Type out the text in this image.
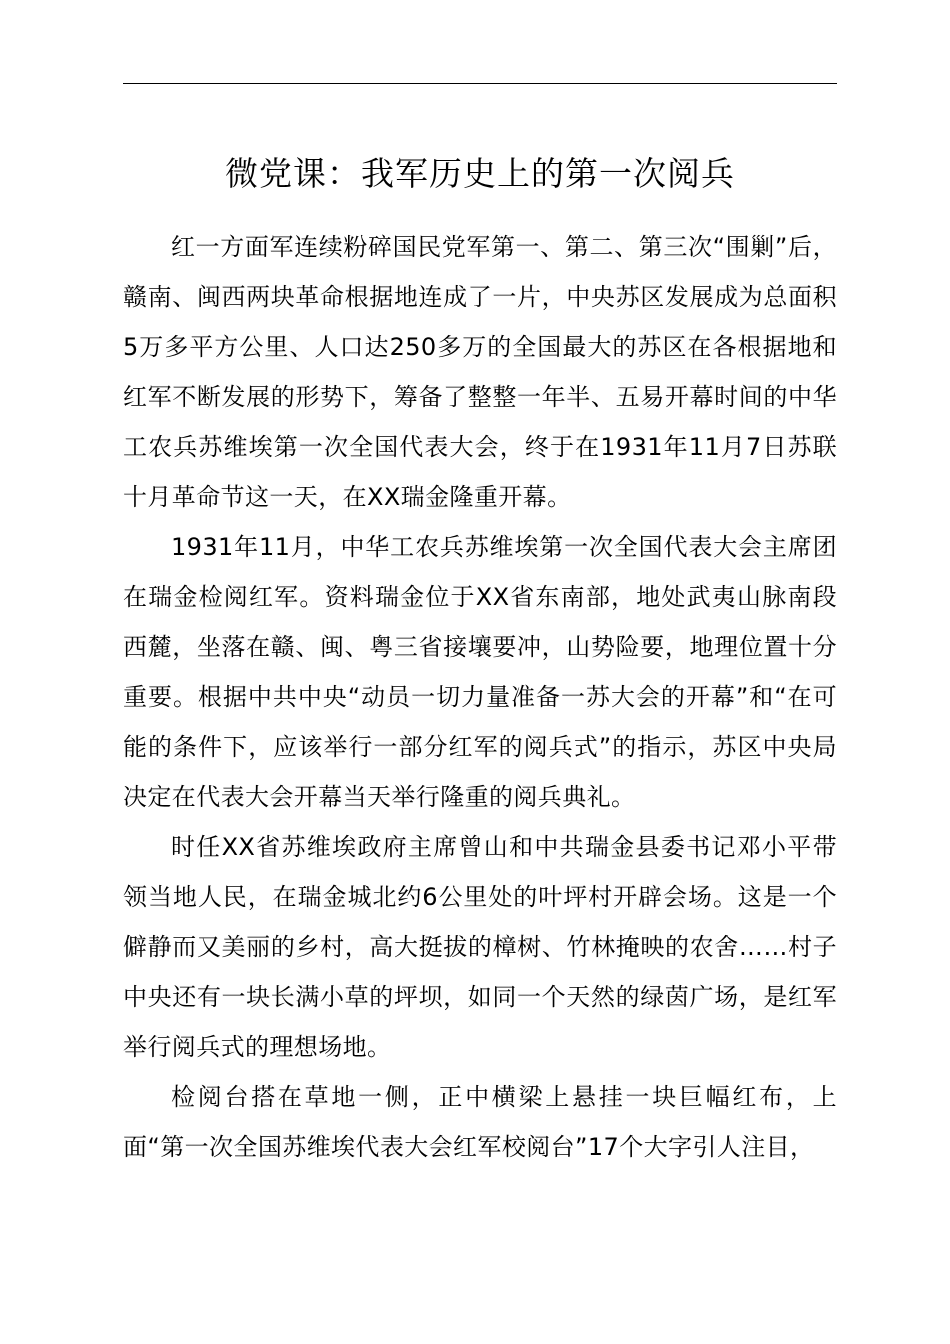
微党课：我军历史上的第一次阅兵

红一方面军连续粉碎国民党军第一、第二、第三次“围剿”后，赣南、闽西两块革命根据地连成了一片，中央苏区发展成为总面积5万多平方公里、人口达250多万的全国最大的苏区在各根据地和红军不断发展的形势下，筹备了整整一年半、五易开幕时间的中华工农兵苏维埃第一次全国代表大会，终于在1931年11月7日苏联十月革命节这一天，在XX瑞金隆重开幕。

1931年11月，中华工农兵苏维埃第一次全国代表大会主席团在瑞金检阅红军。资料瑞金位于XX省东南部，地处武夷山脉南段西麓，坐落在赣、闽、粤三省接壤要冲，山势险要，地理位置十分重要。根据中共中央“动员一切力量准备一苏大会的开幕”和“在可能的条件下，应该举行一部分红军的阅兵式”的指示，苏区中央局决定在代表大会开幕当天举行隆重的阅兵典礼。

时任XX省苏维埃政府主席曾山和中共瑞金县委书记邓小平带领当地人民，在瑞金城北约6公里处的叶坪村开辟会场。这是一个僻静而又美丽的乡村，高大挺拔的樟树、竹林掩映的农舍……村子中央还有一块长满小草的坪坝，如同一个天然的绿茵广场，是红军举行阅兵式的理想场地。

检阅台搭在草地一侧，正中横梁上悬挂一块巨幅红布，上面“第一次全国苏维埃代表大会红军校阅台”17个大字引人注目，
